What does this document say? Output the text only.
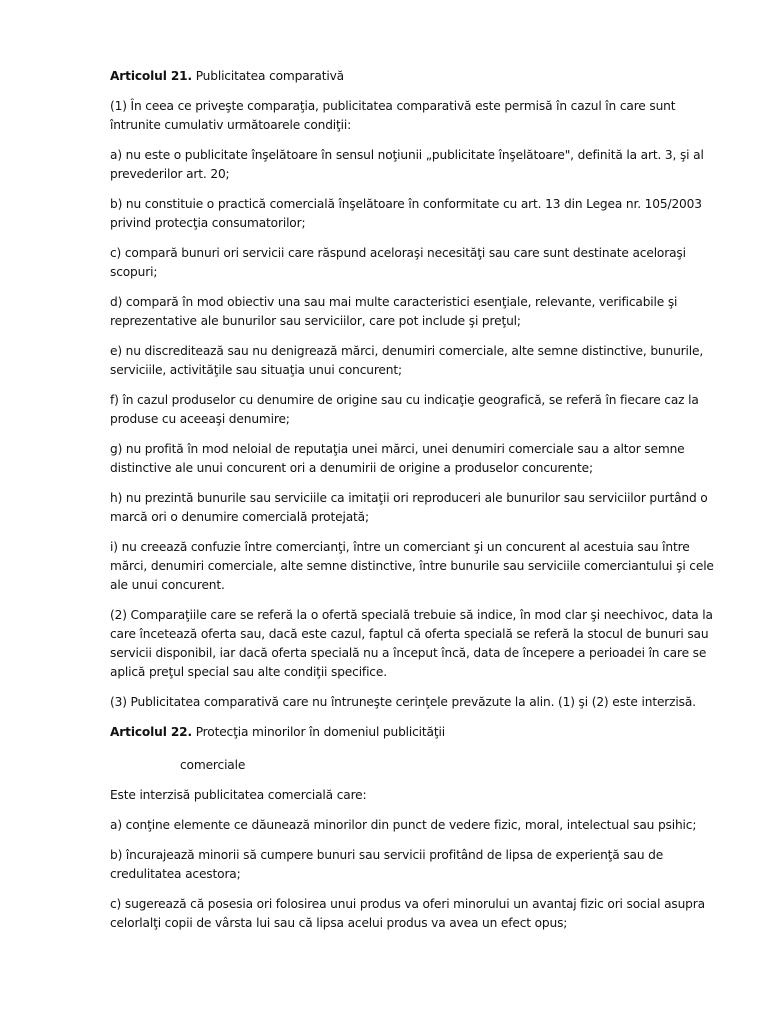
Articolul 21. Publicitatea comparativă

(1) În ceea ce priveşte comparaţia, publicitatea comparativă este permisă în cazul în care sunt întrunite cumulativ următoarele condiţii:

a) nu este o publicitate înşelătoare în sensul noţiunii „publicitate înşelătoare", definită la art. 3, şi al prevederilor art. 20;

b) nu constituie o practică comercială înşelătoare în conformitate cu art. 13 din Legea nr. 105/2003 privind protecţia consumatorilor;

c) compară bunuri ori servicii care răspund aceloraşi necesităţi sau care sunt destinate aceloraşi scopuri;

d) compară în mod obiectiv una sau mai multe caracteristici esenţiale, relevante, verificabile şi reprezentative ale bunurilor sau serviciilor, care pot include şi preţul;

e) nu discreditează sau nu denigrează mărci, denumiri comerciale, alte semne distinctive, bunurile, serviciile, activităţile sau situaţia unui concurent;

f) în cazul produselor cu denumire de origine sau cu indicaţie geografică, se referă în fiecare caz la produse cu aceeaşi denumire;

g) nu profită în mod neloial de reputaţia unei mărci, unei denumiri comerciale sau a altor semne distinctive ale unui concurent ori a denumirii de origine a produselor concurente;

h) nu prezintă bunurile sau serviciile ca imitaţii ori reproduceri ale bunurilor sau serviciilor purtând o marcă ori o denumire comercială protejată;

i) nu creează confuzie între comercianţi, între un comerciant şi un concurent al acestuia sau între mărci, denumiri comerciale, alte semne distinctive, între bunurile sau serviciile comerciantului şi cele ale unui concurent.

(2) Comparaţiile care se referă la o ofertă specială trebuie să indice, în mod clar şi neechivoc, data la care încetează oferta sau, dacă este cazul, faptul că oferta specială se referă la stocul de bunuri sau servicii disponibil, iar dacă oferta specială nu a început încă, data de începere a perioadei în care se aplică preţul special sau alte condiţii specifice.

(3) Publicitatea comparativă care nu întruneşte cerinţele prevăzute la alin. (1) şi (2) este interzisă.

Articolul 22. Protecţia minorilor în domeniul publicităţii

comerciale

Este interzisă publicitatea comercială care:

a) conţine elemente ce dăunează minorilor din punct de vedere fizic, moral, intelectual sau psihic;

b) încurajează minorii să cumpere bunuri sau servicii profitând de lipsa de experienţă sau de credulitatea acestora;

c) sugerează că posesia ori folosirea unui produs va oferi minorului un avantaj fizic ori social asupra celorlalţi copii de vârsta lui sau că lipsa acelui produs va avea un efect opus;
